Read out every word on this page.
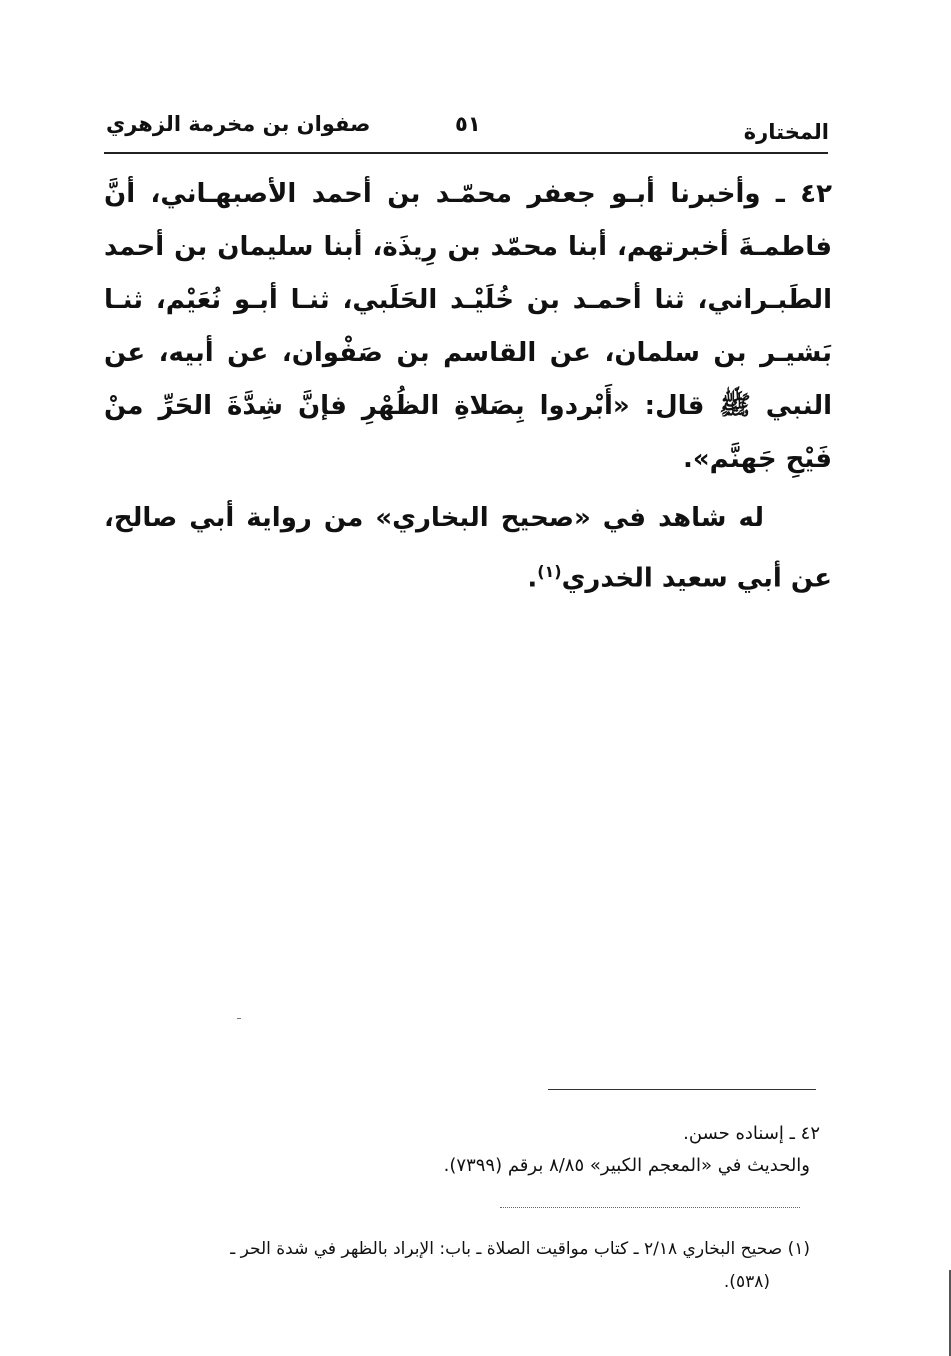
المختارة
٥١
صفوان بن مخرمة الزهري

٤٢ ـ وأخبرنا أبـو جعفر محمّـد بن أحمد الأصبهـاني، أنَّ فاطمـةَ أخبرتهم، أبنا محمّد بن رِيذَة، أبنا سليمان بن أحمد الطَبـراني، ثنا أحمـد بن خُلَيْـد الحَلَبي، ثنـا أبـو نُعَيْم، ثنـا بَشيـر بن سلمان، عن القاسم بن صَفْوان، عن أبيه، عن النبي ﷺ قال: «أَبْردوا بِصَلاةِ الظُهْرِ فإنَّ شِدَّةَ الحَرِّ منْ فَيْحِ جَهنَّم».

له شاهد في «صحيح البخاري» من رواية أبي صالح، عن أبي سعيد الخدري$^{(١)}$.

٤٢ ـ إسناده حسن.
والحديث في «المعجم الكبير» ٨/٨٥ برقم (٧٣٩٩).
(١) صحيح البخاري ٢/١٨ ـ كتاب مواقيت الصلاة ـ باب: الإبراد بالظهر في شدة الحر ـ
(٥٣٨).
